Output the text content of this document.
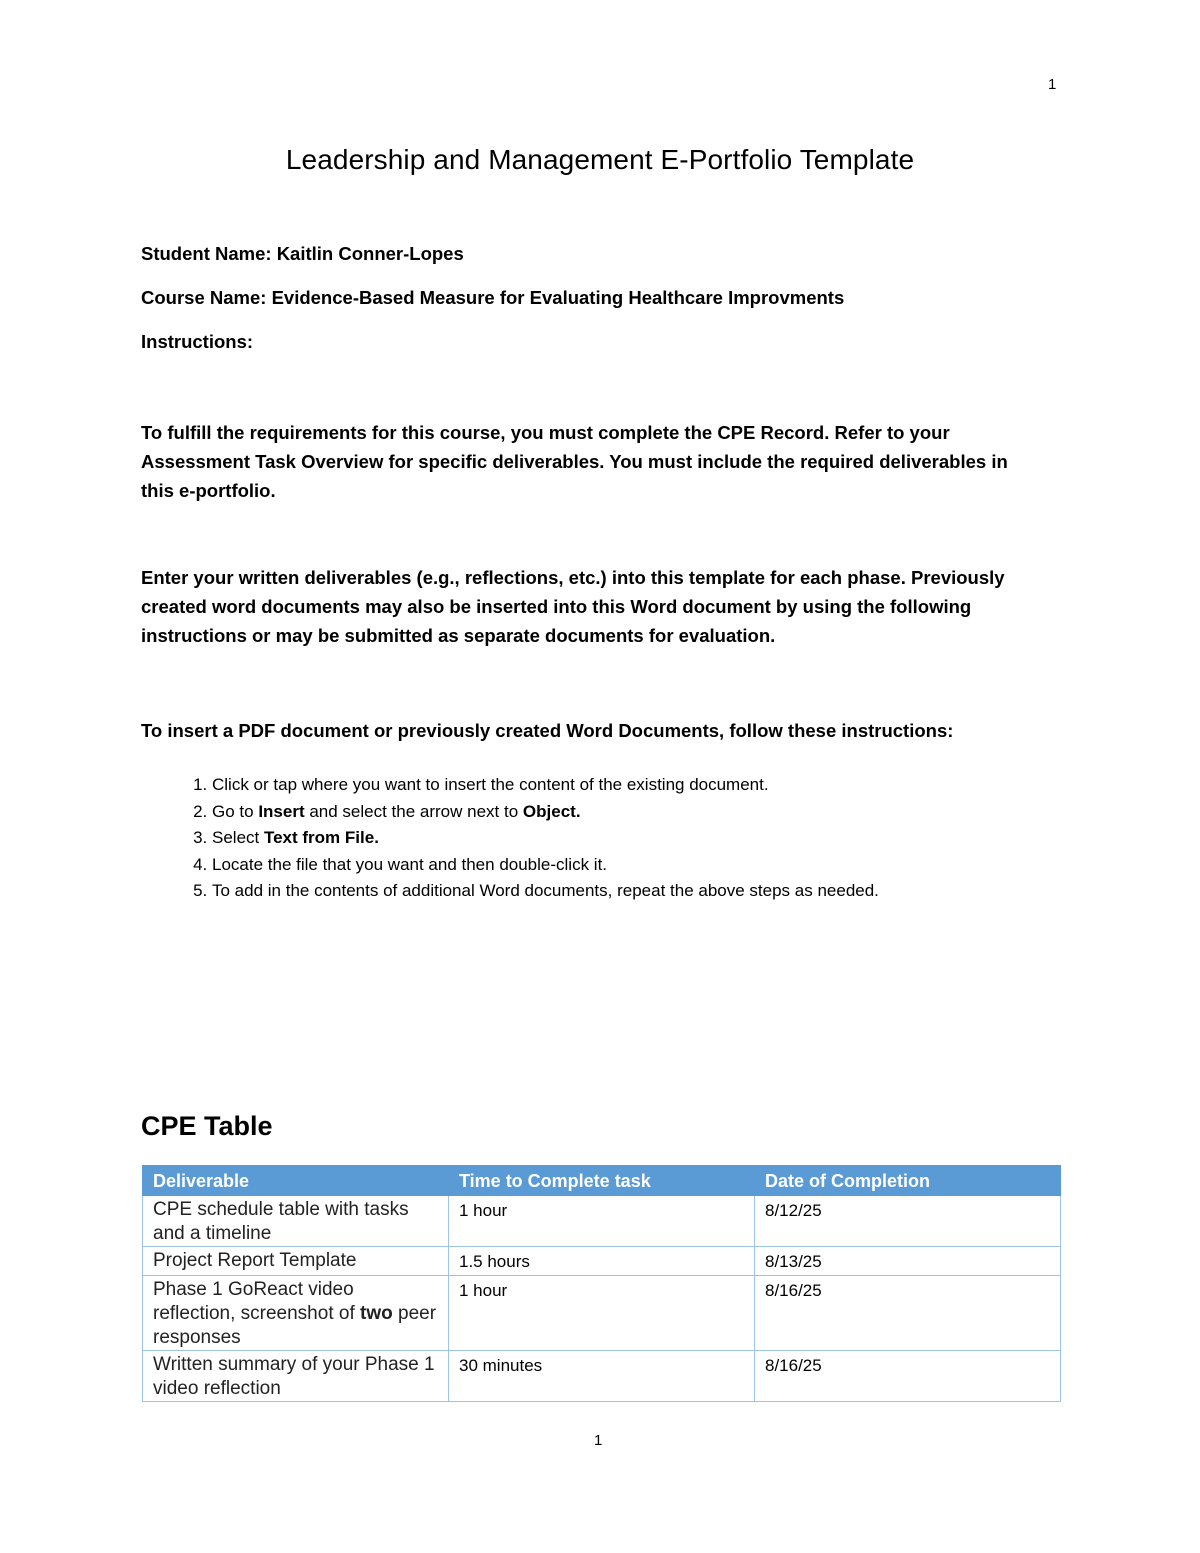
1
Leadership and Management E-Portfolio Template
Student Name: Kaitlin Conner-Lopes
Course Name: Evidence-Based Measure for Evaluating Healthcare Improvments
Instructions:
To fulfill the requirements for this course, you must complete the CPE Record. Refer to your
Assessment Task Overview for specific deliverables. You must include the required deliverables in
this e-portfolio.
Enter your written deliverables (e.g., reflections, etc.) into this template for each phase. Previously
created word documents may also be inserted into this Word document by using the following
instructions or may be submitted as separate documents for evaluation.
To insert a PDF document or previously created Word Documents, follow these instructions:
1. Click or tap where you want to insert the content of the existing document.
2. Go to Insert and select the arrow next to Object.
3. Select Text from File.
4. Locate the file that you want and then double-click it.
5. To add in the contents of additional Word documents, repeat the above steps as needed.
CPE Table
Deliverable	Time to Complete task	Date of Completion
CPE schedule table with tasks and a timeline	1 hour	8/12/25
Project Report Template	1.5 hours	8/13/25
Phase 1 GoReact video reflection, screenshot of two peer responses	1 hour	8/16/25
Written summary of your Phase 1 video reflection	30 minutes	8/16/25
1
